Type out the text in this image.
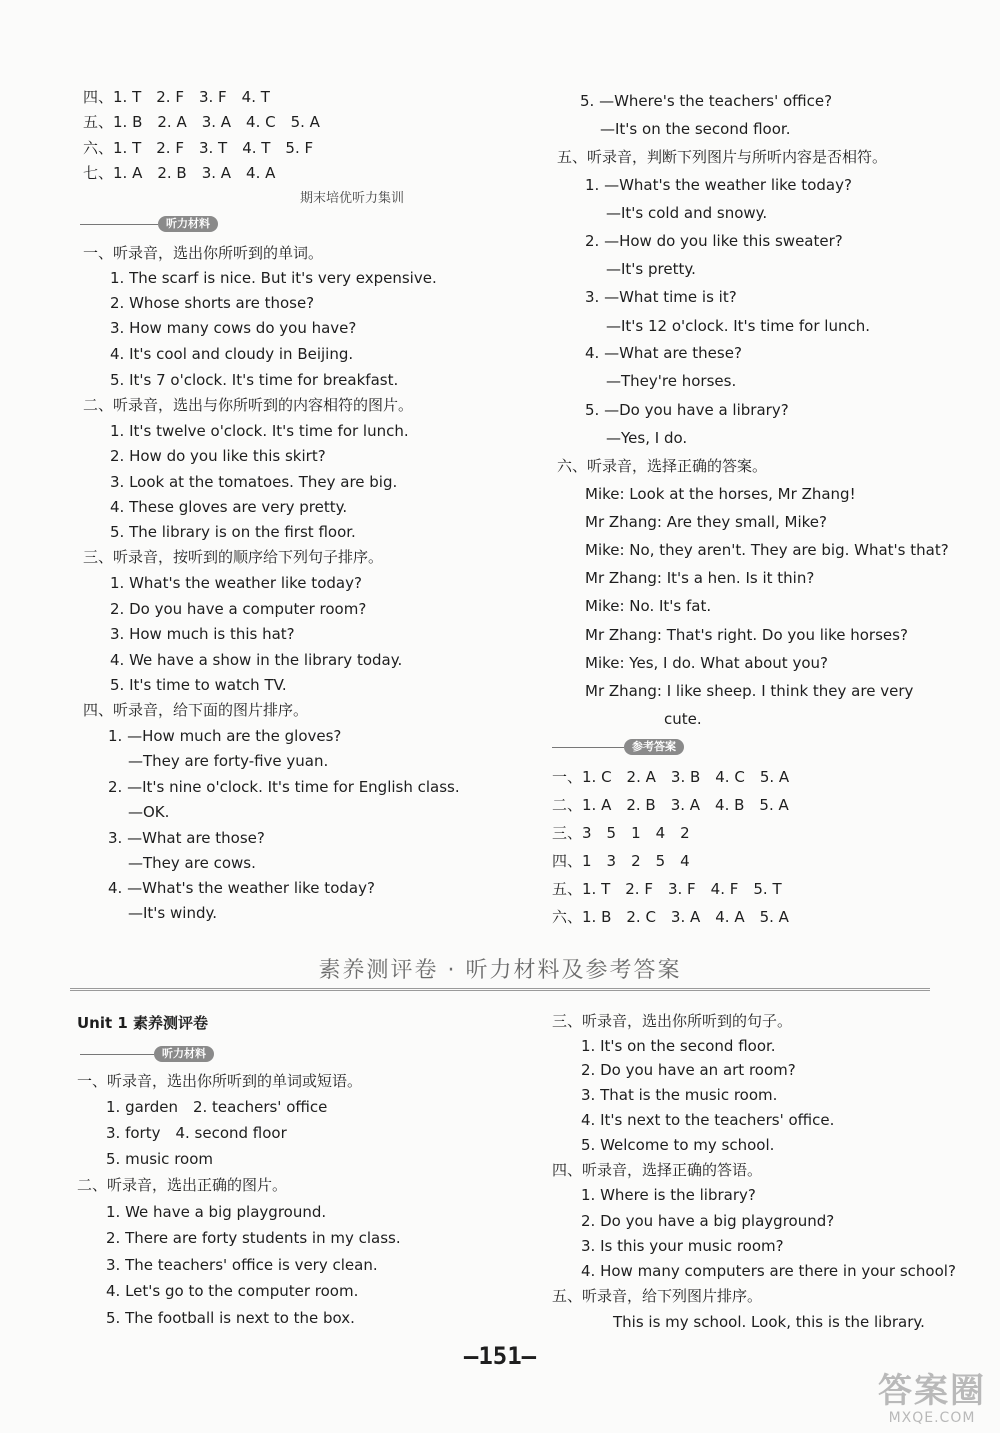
四、1. T　2. F　3. F　4. T
五、1. B　2. A　3. A　4. C　5. A
六、1. T　2. F　3. T　4. T　5. F
七、1. A　2. B　3. A　4. A
期末培优听力集训
听力材料
一、听录音，选出你所听到的单词。
1. The scarf is nice. But it's very expensive.
2. Whose shorts are those?
3. How many cows do you have?
4. It's cool and cloudy in Beijing.
5. It's 7 o'clock. It's time for breakfast.
二、听录音，选出与你所听到的内容相符的图片。
1. It's twelve o'clock. It's time for lunch.
2. How do you like this skirt?
3. Look at the tomatoes. They are big.
4. These gloves are very pretty.
5. The library is on the first floor.
三、听录音，按听到的顺序给下列句子排序。
1. What's the weather like today?
2. Do you have a computer room?
3. How much is this hat?
4. We have a show in the library today.
5. It's time to watch TV.
四、听录音，给下面的图片排序。
1. —How much are the gloves?
—They are forty-five yuan.
2. —It's nine o'clock. It's time for English class.
—OK.
3. —What are those?
—They are cows.
4. —What's the weather like today?
—It's windy.
5. —Where's the teachers' office?
—It's on the second floor.
五、听录音，判断下列图片与所听内容是否相符。
1. —What's the weather like today?
—It's cold and snowy.
2. —How do you like this sweater?
—It's pretty.
3. —What time is it?
—It's 12 o'clock. It's time for lunch.
4. —What are these?
—They're horses.
5. —Do you have a library?
—Yes, I do.
六、听录音，选择正确的答案。
Mike: Look at the horses, Mr Zhang!
Mr Zhang: Are they small, Mike?
Mike: No, they aren't. They are big. What's that?
Mr Zhang: It's a hen. Is it thin?
Mike: No. It's fat.
Mr Zhang: That's right. Do you like horses?
Mike: Yes, I do. What about you?
Mr Zhang: I like sheep. I think they are very
cute.
参考答案
一、1. C　2. A　3. B　4. C　5. A
二、1. A　2. B　3. A　4. B　5. A
三、3　5　1　4　2
四、1　3　2　5　4
五、1. T　2. F　3. F　4. F　5. T
六、1. B　2. C　3. A　4. A　5. A
素养测评卷 · 听力材料及参考答案
Unit 1 素养测评卷
听力材料
一、听录音，选出你所听到的单词或短语。
1. garden　2. teachers' office
3. forty　4. second floor
5. music room
二、听录音，选出正确的图片。
1. We have a big playground.
2. There are forty students in my class.
3. The teachers' office is very clean.
4. Let's go to the computer room.
5. The football is next to the box.
三、听录音，选出你所听到的句子。
1. It's on the second floor.
2. Do you have an art room?
3. That is the music room.
4. It's next to the teachers' office.
5. Welcome to my school.
四、听录音，选择正确的答语。
1. Where is the library?
2. Do you have a big playground?
3. Is this your music room?
4. How many computers are there in your school?
五、听录音，给下列图片排序。
This is my school. Look, this is the library.
—151—
答案圈
MXQE.COM
